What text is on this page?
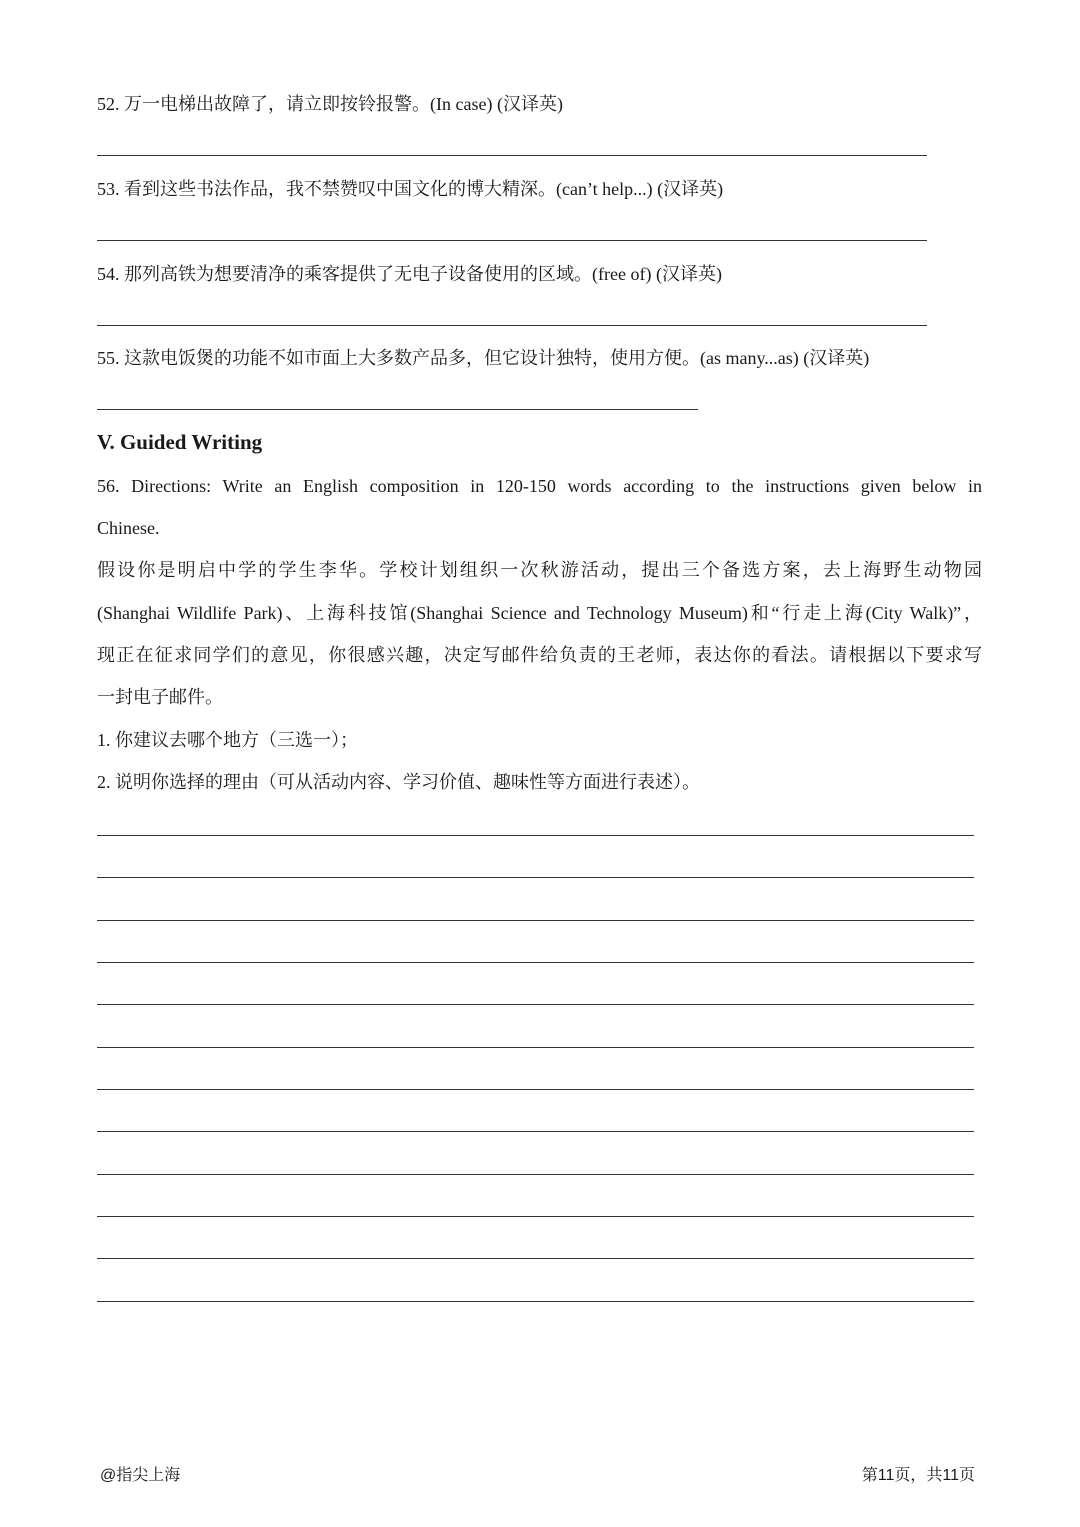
52. 万一电梯出故障了，请立即按铃报警。(In case) (汉译英)
53. 看到这些书法作品，我不禁赞叹中国文化的博大精深。(can’t help...) (汉译英)
54. 那列高铁为想要清净的乘客提供了无电子设备使用的区域。(free of) (汉译英)
55. 这款电饭煲的功能不如市面上大多数产品多，但它设计独特，使用方便。(as many...as) (汉译英)
V. Guided Writing
56. Directions: Write an English composition in 120-150 words according to the instructions given below in
Chinese.
假设你是明启中学的学生李华。学校计划组织一次秋游活动，提出三个备选方案，去上海野生动物园
(Shanghai Wildlife Park)、上海科技馆(Shanghai Science and Technology Museum)和“行走上海(City Walk)”，
现正在征求同学们的意见，你很感兴趣，决定写邮件给负责的王老师，表达你的看法。请根据以下要求写
一封电子邮件。
1. 你建议去哪个地方（三选一）；
2. 说明你选择的理由（可从活动内容、学习价值、趣味性等方面进行表述）。
@指尖上海	第11页，共11页
